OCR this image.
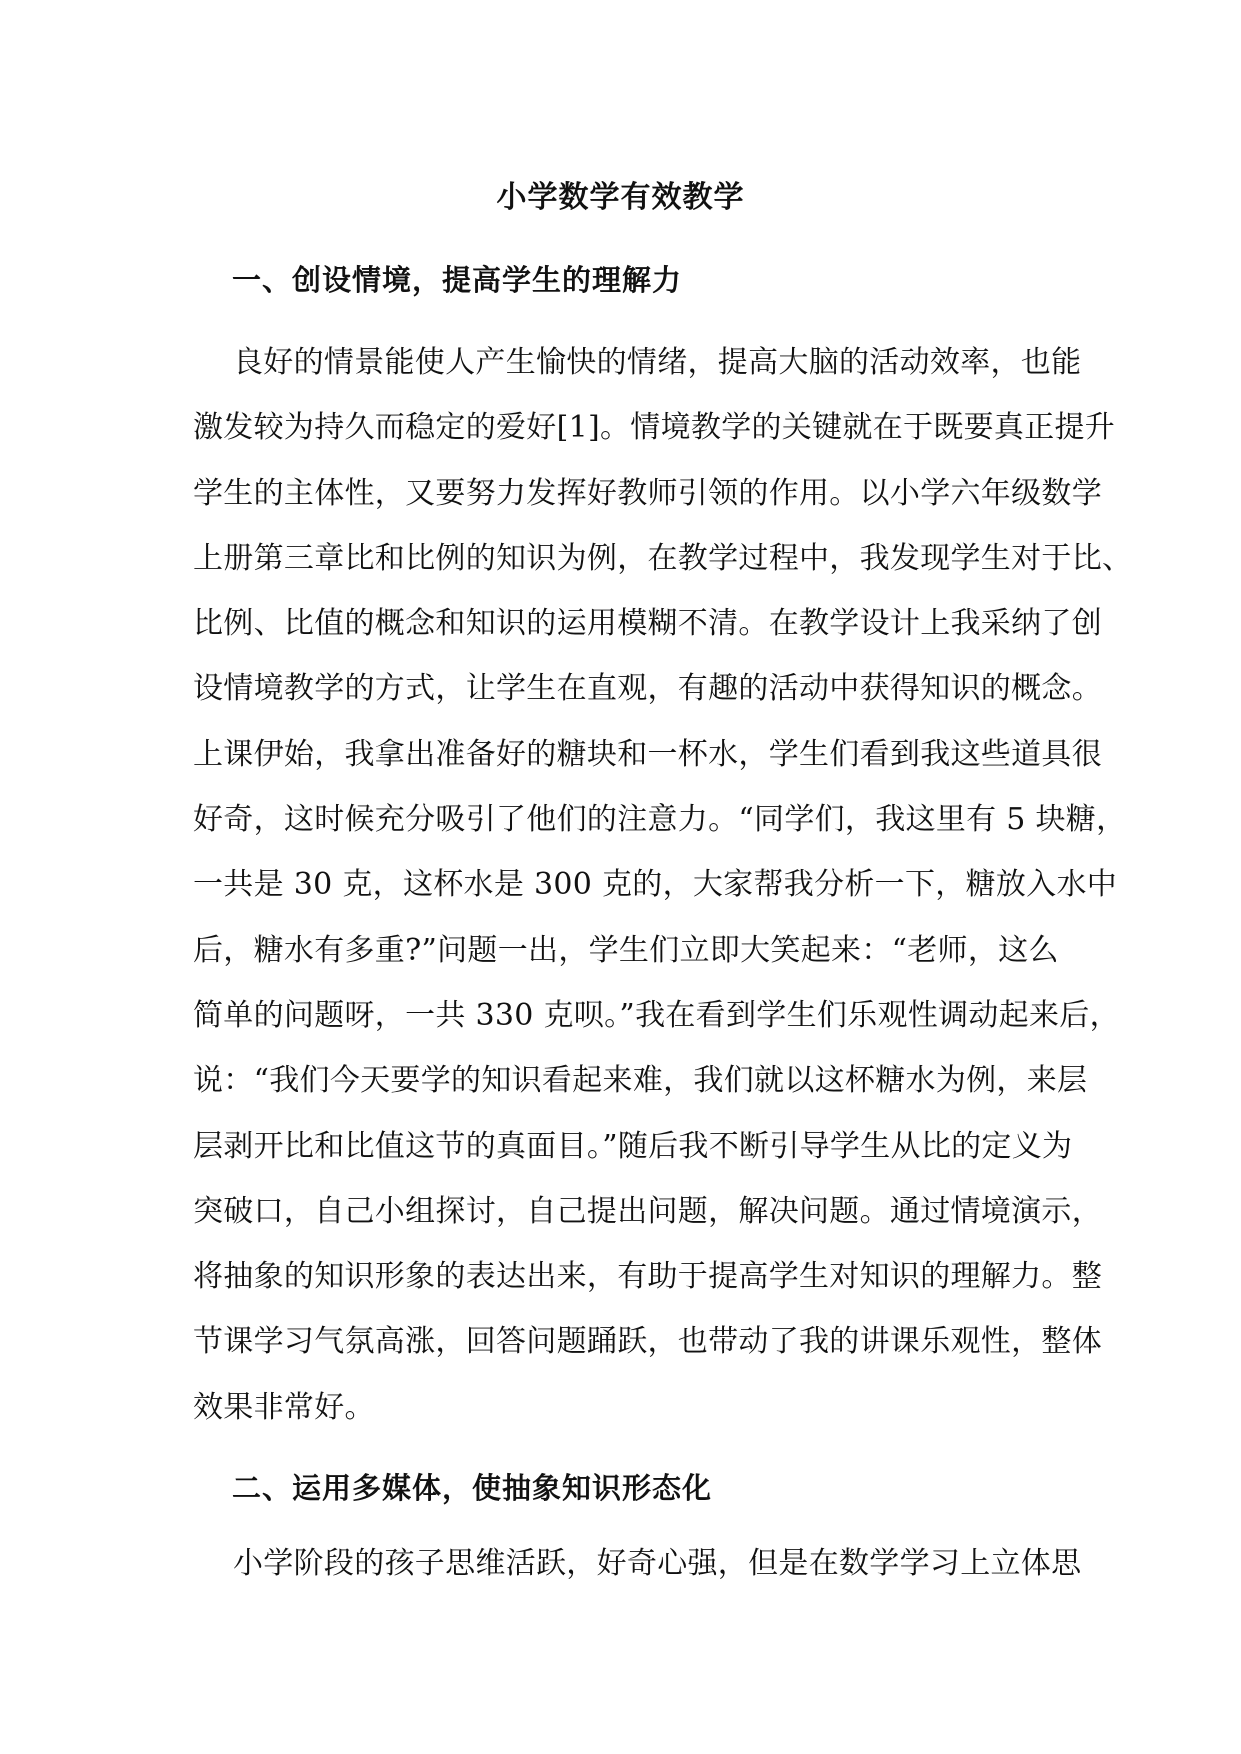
小学数学有效教学
一、创设情境，提高学生的理解力
良好的情景能使人产生愉快的情绪，提高大脑的活动效率，也能
激发较为持久而稳定的爱好[1]。情境教学的关键就在于既要真正提升
学生的主体性，又要努力发挥好教师引领的作用。以小学六年级数学
上册第三章比和比例的知识为例，在教学过程中，我发现学生对于比、
比例、比值的概念和知识的运用模糊不清。在教学设计上我采纳了创
设情境教学的方式，让学生在直观，有趣的活动中获得知识的概念。
上课伊始，我拿出准备好的糖块和一杯水，学生们看到我这些道具很
好奇，这时候充分吸引了他们的注意力。“同学们，我这里有 5 块糖，
一共是 30 克，这杯水是 300 克的，大家帮我分析一下，糖放入水中
后，糖水有多重?”问题一出，学生们立即大笑起来：“老师，这么
简单的问题呀，一共 330 克呗。”我在看到学生们乐观性调动起来后，
说：“我们今天要学的知识看起来难，我们就以这杯糖水为例，来层
层剥开比和比值这节的真面目。”随后我不断引导学生从比的定义为
突破口，自己小组探讨，自己提出问题，解决问题。通过情境演示，
将抽象的知识形象的表达出来，有助于提高学生对知识的理解力。整
节课学习气氛高涨，回答问题踊跃，也带动了我的讲课乐观性，整体
效果非常好。
二、运用多媒体，使抽象知识形态化
小学阶段的孩子思维活跃，好奇心强，但是在数学学习上立体思
